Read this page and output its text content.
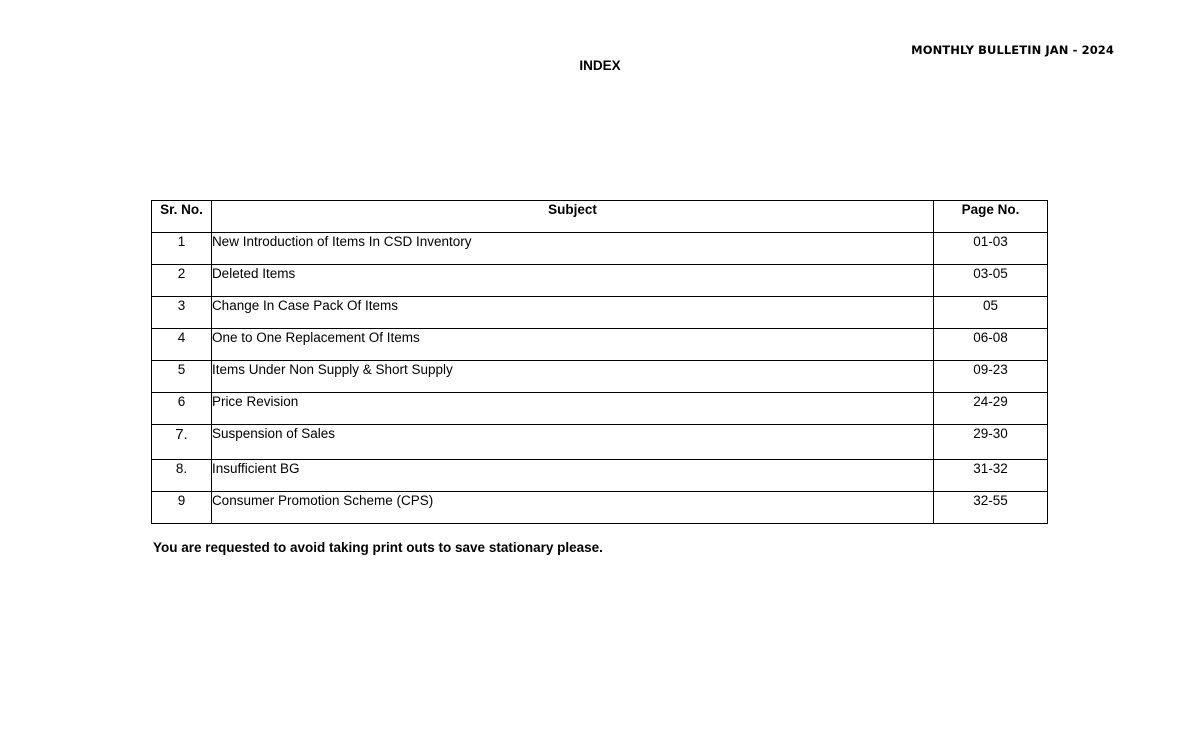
MONTHLY BULLETIN JAN - 2024
INDEX
Sr. No.	Subject	Page No.
1	New Introduction of Items In CSD Inventory	01-03
2	Deleted Items	03-05
3	Change In Case Pack Of Items	05
4	One to One Replacement Of Items	06-08
5	Items Under Non Supply & Short Supply	09-23
6	Price Revision	24-29
7.	Suspension of Sales	29-30
8.	Insufficient BG	31-32
9	Consumer Promotion Scheme (CPS)	32-55
You are requested to avoid taking print outs to save stationary please.
